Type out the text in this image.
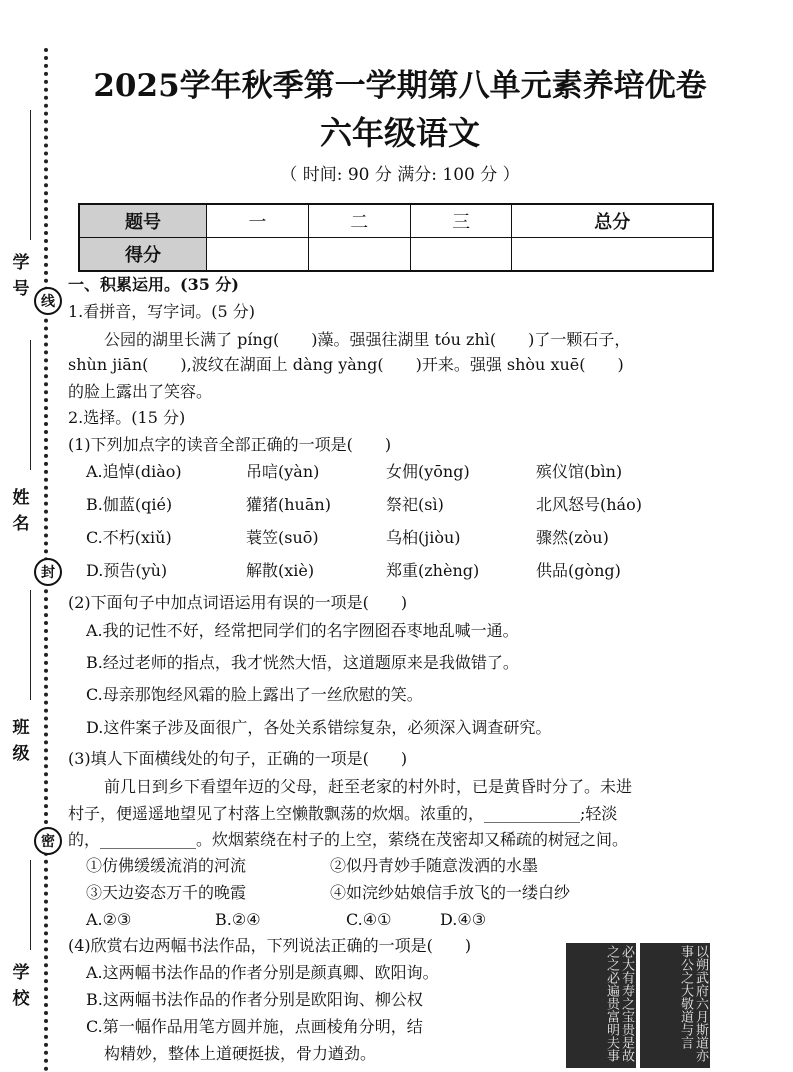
学 号
线
姓 名
封
班 级
密
学 校
2025学年秋季第一学期第八单元素养培优卷
六年级语文
（ 时间: 90 分 满分: 100 分 ）
题号	一	二	三	总分
得分				
一、积累运用。(35 分)
1.看拼音，写字词。(5 分)
公园的湖里长满了 píng(　　)藻。强强往湖里 tóu zhì(　　)了一颗石子，
shùn jiān(　　),波纹在湖面上 dàng yàng(　　)开来。强强 shòu xuē(　　)
的脸上露出了笑容。
2.选择。(15 分)
(1)下列加点字的读音全部正确的一项是(　　)
A.追悼(diào)	吊唁(yàn)	女佣(yōng)	殡仪馆(bìn)
B.伽蓝(qié)	獾猪(huān)	祭祀(sì)	北风怒号(háo)
C.不朽(xiǔ)	蓑笠(suō)	乌桕(jiòu)	骤然(zòu)
D.预告(yù)	解散(xiè)	郑重(zhèng)	供品(gòng)
(2)下面句子中加点词语运用有误的一项是(　　)
A.我的记性不好，经常把同学们的名字囫囵吞枣地乱喊一通。
B.经过老师的指点，我才恍然大悟，这道题原来是我做错了。
C.母亲那饱经风霜的脸上露出了一丝欣慰的笑。
D.这件案子涉及面很广，各处关系错综复杂，必须深入调查研究。
(3)填人下面横线处的句子，正确的一项是(　　)
前几日到乡下看望年迈的父母，赶至老家的村外时，已是黄昏时分了。未进
村子，便遥遥地望见了村落上空懒散飘荡的炊烟。浓重的，____________;轻淡
的，____________。炊烟萦绕在村子的上空，萦绕在茂密却又稀疏的树冠之间。
①仿佛缓缓流消的河流	②似丹青妙手随意泼洒的水墨
③天边姿态万千的晚霞	④如浣纱姑娘信手放飞的一缕白纱
A.②③	B.②④	C.④①	D.④③
(4)欣赏右边两幅书法作品，下列说法正确的一项是(　　)
A.这两幅书法作品的作者分别是颜真卿、欧阳询。
B.这两幅书法作品的作者分别是欧阳询、柳公权
C.第一幅作品用笔方圆并施，点画棱角分明，结
构精妙，整体上道硬挺拔，骨力遒劲。	必大有寿之宝贵是故之之必遍贵富明夫事	以朔武府六月斯道亦事公之大敬道与言
